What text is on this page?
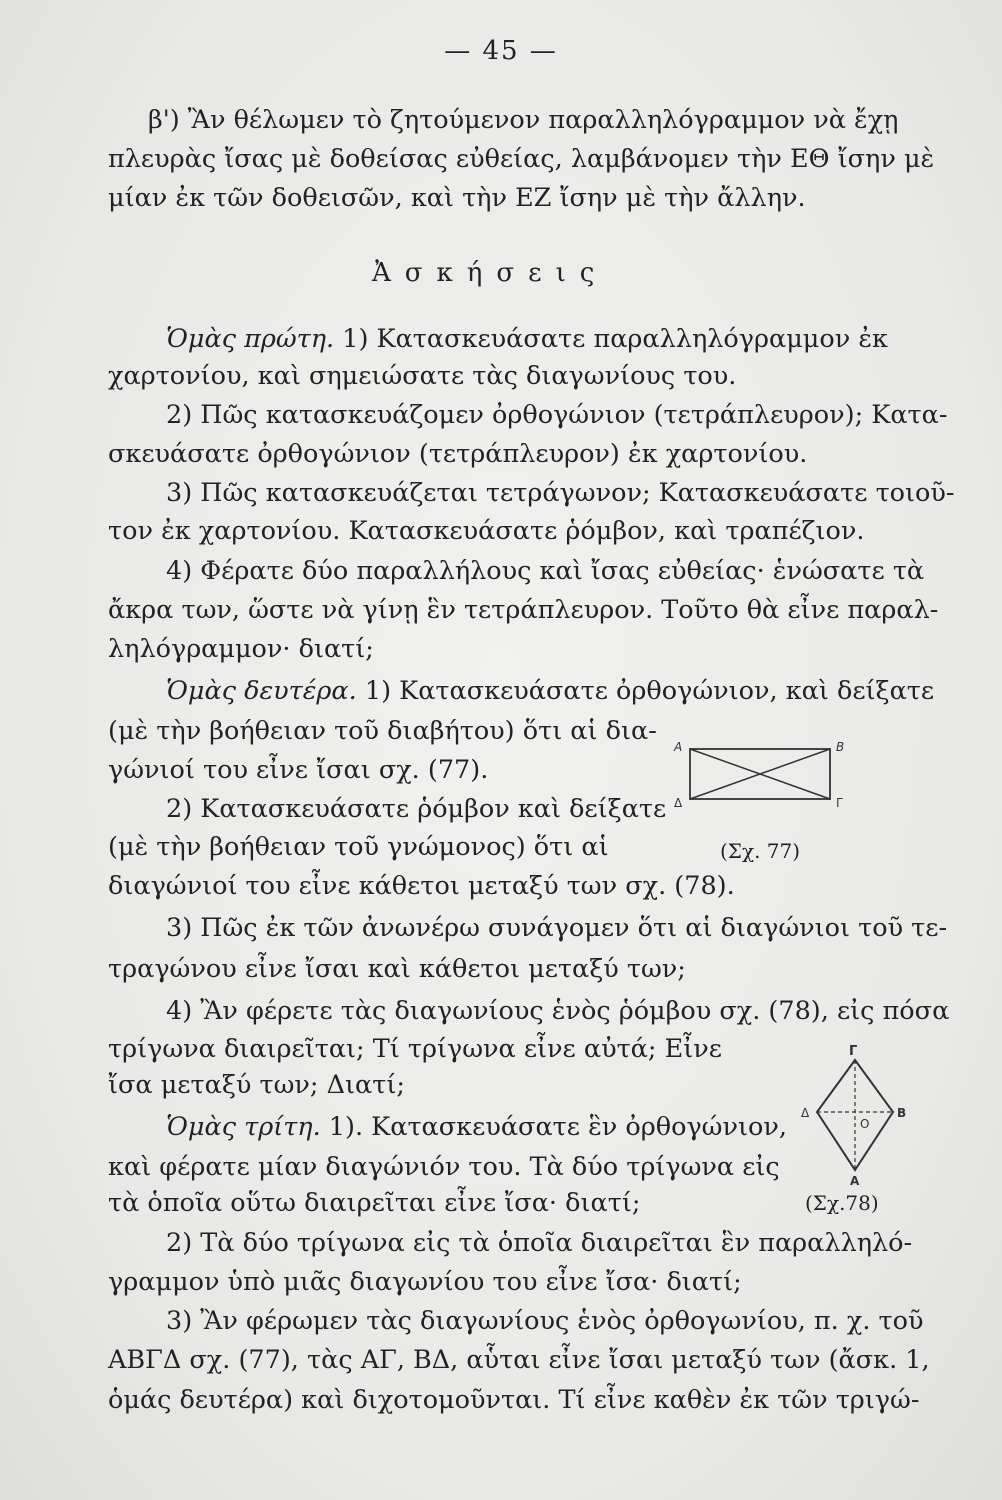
— 45 —
β') Ἂν θέλωμεν τὸ ζητούμενον παραλληλόγραμμον νὰ ἔχῃ
πλευρὰς ἴσας μὲ δοθείσας εὐθείας, λαμβάνομεν τὴν ΕΘ ἴσην μὲ
μίαν ἐκ τῶν δοθεισῶν, καὶ τὴν ΕΖ ἴσην μὲ τὴν ἄλλην.
Ἀσκήσεις
Ὁμὰς πρώτη. 1) Κατασκευάσατε παραλληλόγραμμον ἐκ
χαρτονίου, καὶ σημειώσατε τὰς διαγωνίους του.
2) Πῶς κατασκευάζομεν ὀρθογώνιον (τετράπλευρον); Κατα-
σκευάσατε ὀρθογώνιον (τετράπλευρον) ἐκ χαρτονίου.
3) Πῶς κατασκευάζεται τετράγωνον; Κατασκευάσατε τοιοῦ-
τον ἐκ χαρτονίου. Κατασκευάσατε ῥόμβον, καὶ τραπέζιον.
4) Φέρατε δύο παραλλήλους καὶ ἴσας εὐθείας· ἑνώσατε τὰ
ἄκρα των, ὥστε νὰ γίνῃ ἓν τετράπλευρον. Τοῦτο θὰ εἶνε παραλ-
ληλόγραμμον· διατί;
Ὁμὰς δευτέρα. 1) Κατασκευάσατε ὀρθογώνιον, καὶ δείξατε
(μὲ τὴν βοήθειαν τοῦ διαβήτου) ὅτι αἱ δια-
γώνιοί του εἶνε ἴσαι σχ. (77).
2) Κατασκευάσατε ῥόμβον καὶ δείξατε
(μὲ τὴν βοήθειαν τοῦ γνώμονος) ὅτι αἱ
διαγώνιοί του εἶνε κάθετοι μεταξύ των σχ. (78).
3) Πῶς ἐκ τῶν ἀνωνέρω συνάγομεν ὅτι αἱ διαγώνιοι τοῦ τε-
τραγώνου εἶνε ἴσαι καὶ κάθετοι μεταξύ των;
4) Ἂν φέρετε τὰς διαγωνίους ἑνὸς ῥόμβου σχ. (78), εἰς πόσα
τρίγωνα διαιρεῖται; Τί τρίγωνα εἶνε αὐτά; Εἶνε
ἴσα μεταξύ των; Διατί;
Ὁμὰς τρίτη. 1). Κατασκευάσατε ἓν ὀρθογώνιον,
καὶ φέρατε μίαν διαγώνιόν του. Τὰ δύο τρίγωνα εἰς
τὰ ὁποῖα οὕτω διαιρεῖται εἶνε ἴσα· διατί;
2) Τὰ δύο τρίγωνα εἰς τὰ ὁποῖα διαιρεῖται ἓν παραλληλό-
γραμμον ὑπὸ μιᾶς διαγωνίου του εἶνε ἴσα· διατί;
3) Ἂν φέρωμεν τὰς διαγωνίους ἑνὸς ὀρθογωνίου, π. χ. τοῦ
ΑΒΓΔ σχ. (77), τὰς ΑΓ, ΒΔ, αὗται εἶνε ἴσαι μεταξύ των (ἄσκ. 1,
ὁμάς δευτέρα) καὶ διχοτομοῦνται. Τί εἶνε καθὲν ἐκ τῶν τριγώ-
Α	Β
Γ
Δ
(Σχ. 77)
Γ
Δ	Β
Α
Ο
(Σχ.78)
